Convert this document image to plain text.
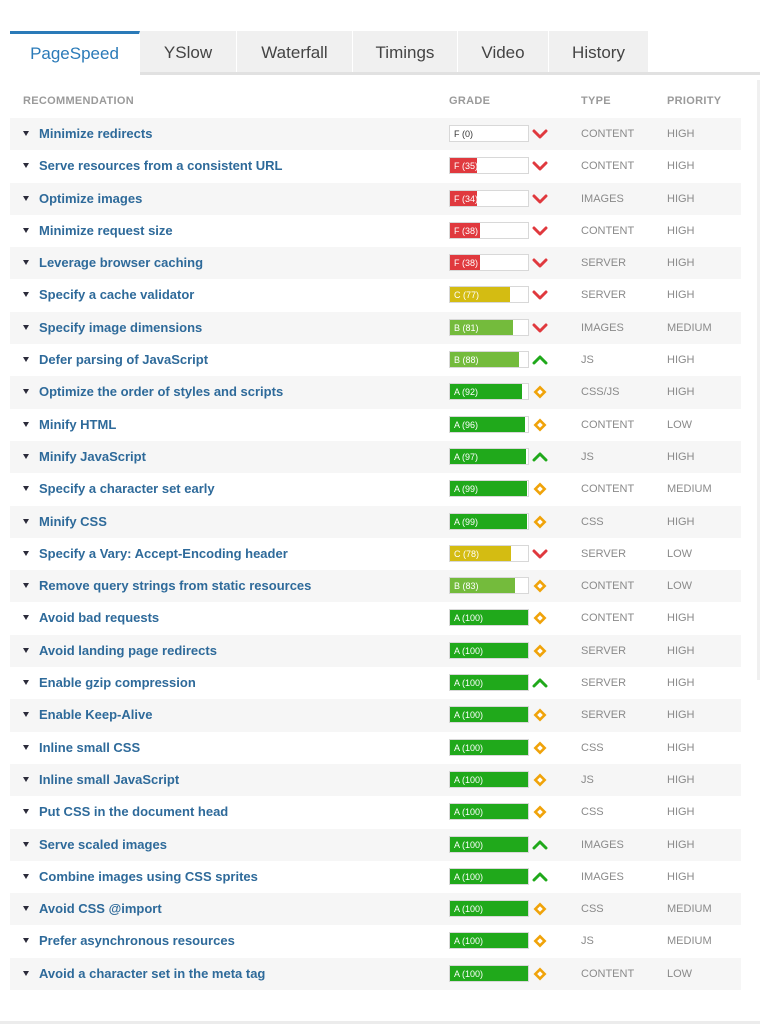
PageSpeed	YSlow	Waterfall	Timings	Video	History
RECOMMENDATION	GRADE	TYPE	PRIORITY
Minimize redirects	F (0)	CONTENT	HIGH
Serve resources from a consistent URL	F (35)	CONTENT	HIGH
Optimize images	F (34)	IMAGES	HIGH
Minimize request size	F (38)	CONTENT	HIGH
Leverage browser caching	F (38)	SERVER	HIGH
Specify a cache validator	C (77)	SERVER	HIGH
Specify image dimensions	B (81)	IMAGES	MEDIUM
Defer parsing of JavaScript	B (88)	JS	HIGH
Optimize the order of styles and scripts	A (92)	CSS/JS	HIGH
Minify HTML	A (96)	CONTENT	LOW
Minify JavaScript	A (97)	JS	HIGH
Specify a character set early	A (99)	CONTENT	MEDIUM
Minify CSS	A (99)	CSS	HIGH
Specify a Vary: Accept-Encoding header	C (78)	SERVER	LOW
Remove query strings from static resources	B (83)	CONTENT	LOW
Avoid bad requests	A (100)	CONTENT	HIGH
Avoid landing page redirects	A (100)	SERVER	HIGH
Enable gzip compression	A (100)	SERVER	HIGH
Enable Keep-Alive	A (100)	SERVER	HIGH
Inline small CSS	A (100)	CSS	HIGH
Inline small JavaScript	A (100)	JS	HIGH
Put CSS in the document head	A (100)	CSS	HIGH
Serve scaled images	A (100)	IMAGES	HIGH
Combine images using CSS sprites	A (100)	IMAGES	HIGH
Avoid CSS @import	A (100)	CSS	MEDIUM
Prefer asynchronous resources	A (100)	JS	MEDIUM
Avoid a character set in the meta tag	A (100)	CONTENT	LOW
